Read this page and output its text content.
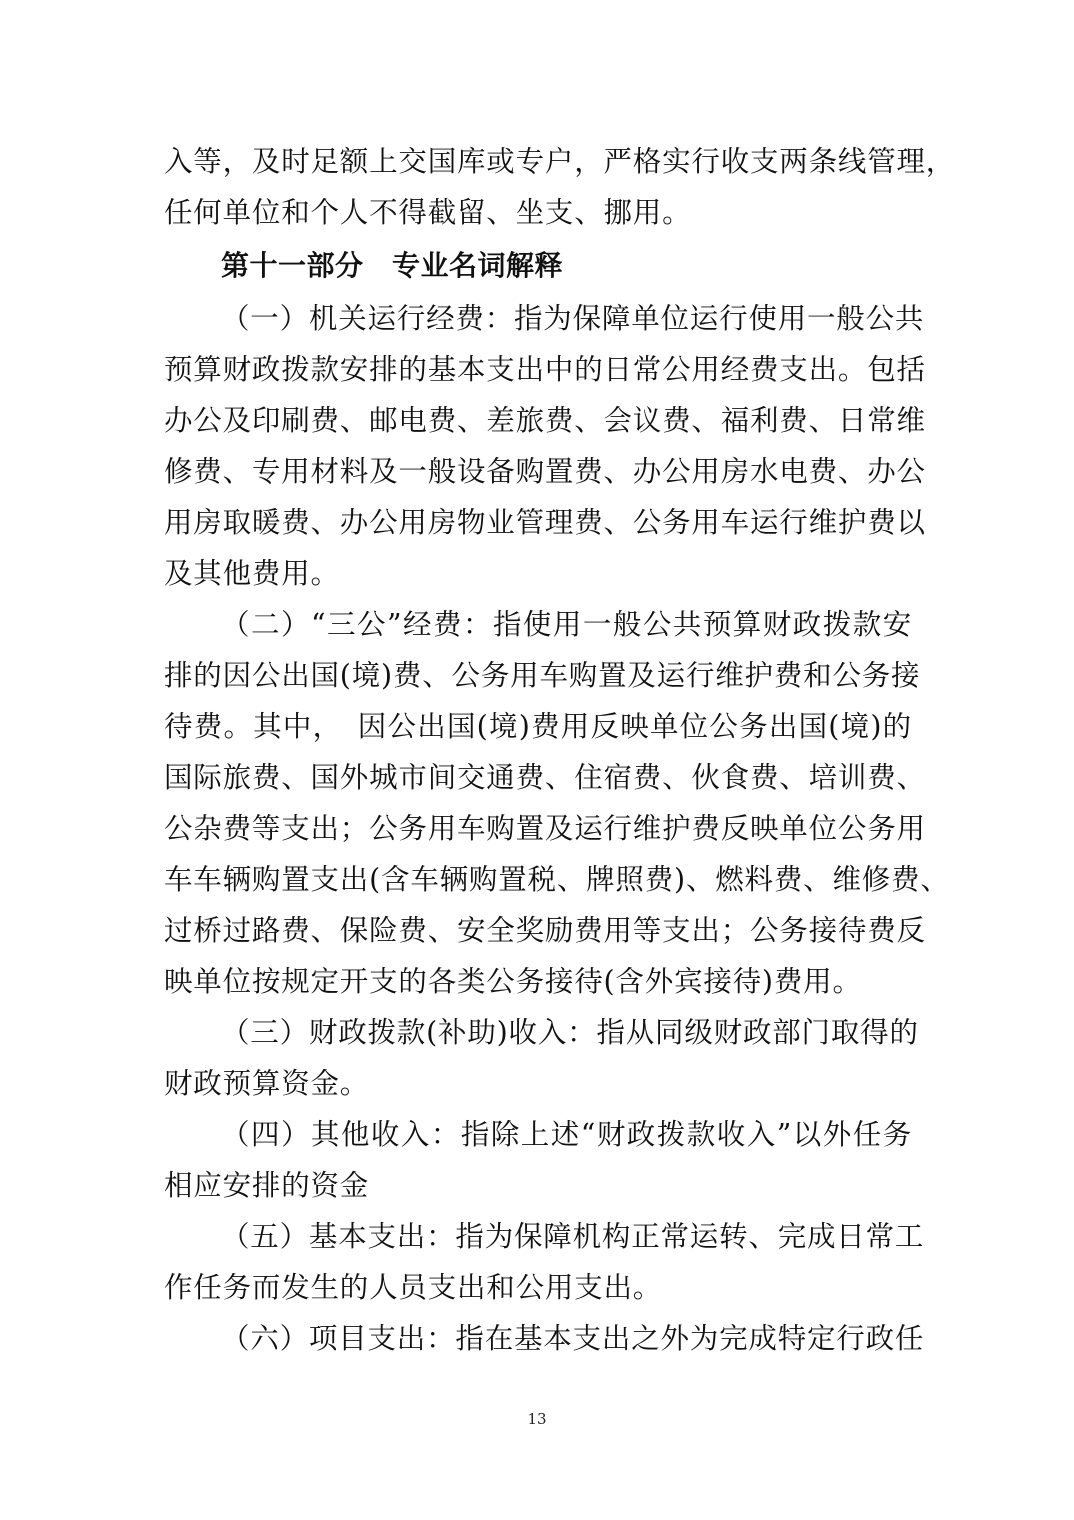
入等，及时足额上交国库或专户，严格实行收支两条线管理，
任何单位和个人不得截留、坐支、挪用。
第十一部分　专业名词解释
（一）机关运行经费：指为保障单位运行使用一般公共
预算财政拨款安排的基本支出中的日常公用经费支出。包括
办公及印刷费、邮电费、差旅费、会议费、福利费、日常维
修费、专用材料及一般设备购置费、办公用房水电费、办公
用房取暖费、办公用房物业管理费、公务用车运行维护费以
及其他费用。
（二）“三公”经费：指使用一般公共预算财政拨款安
排的因公出国(境)费、公务用车购置及运行维护费和公务接
待费。其中，　因公出国(境)费用反映单位公务出国(境)的
国际旅费、国外城市间交通费、住宿费、伙食费、培训费、
公杂费等支出；公务用车购置及运行维护费反映单位公务用
车车辆购置支出(含车辆购置税、牌照费)、燃料费、维修费、
过桥过路费、保险费、安全奖励费用等支出；公务接待费反
映单位按规定开支的各类公务接待(含外宾接待)费用。
（三）财政拨款(补助)收入：指从同级财政部门取得的
财政预算资金。
（四）其他收入：指除上述“财政拨款收入”以外任务
相应安排的资金
（五）基本支出：指为保障机构正常运转、完成日常工
作任务而发生的人员支出和公用支出。
（六）项目支出：指在基本支出之外为完成特定行政任
13
